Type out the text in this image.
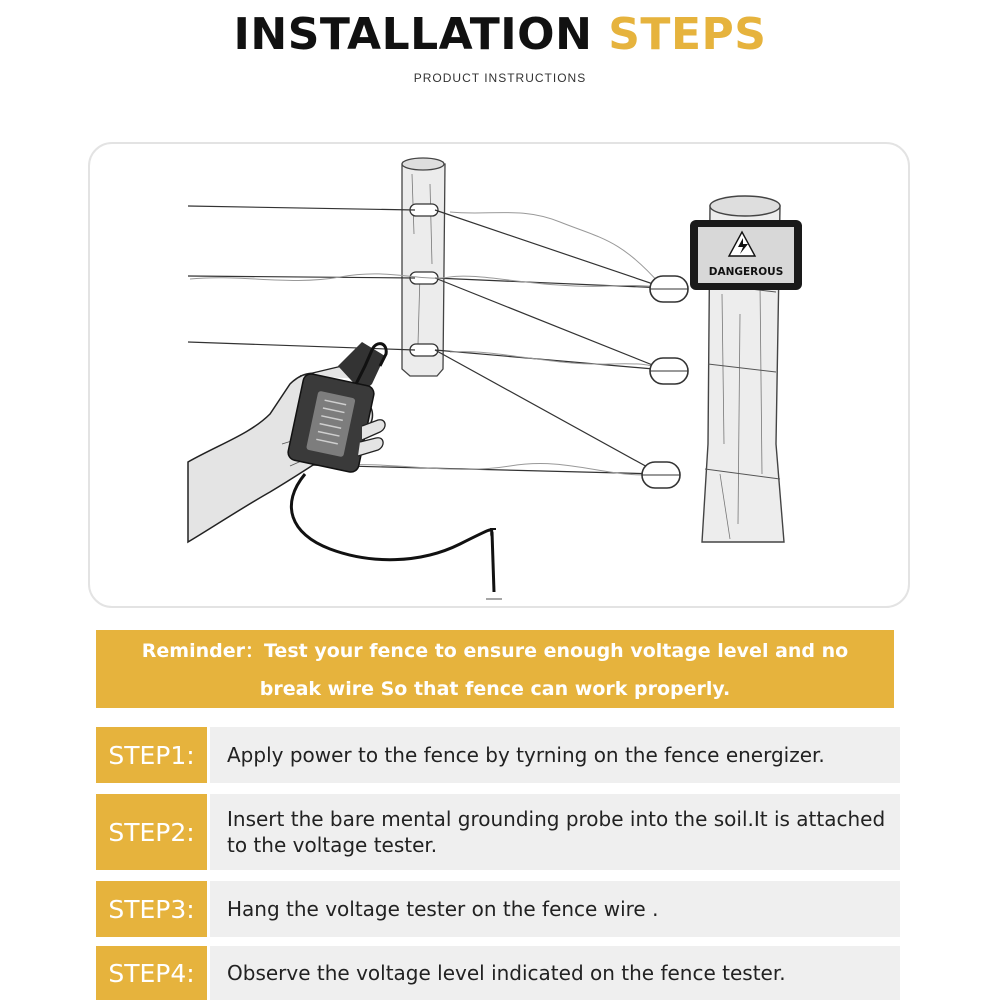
INSTALLATION STEPS
PRODUCT INSTRUCTIONS
DANGEROUS
Reminder：Test your fence to ensure enough voltage level and no break wire So that fence can work properly.
STEP1:	Apply power to the fence by tyrning on the fence energizer.
STEP2:	Insert the bare mental grounding probe into the soil.It is attached to the voltage tester.
STEP3:	Hang the voltage tester on the fence wire .
STEP4:	Observe the voltage level indicated on the fence tester.
